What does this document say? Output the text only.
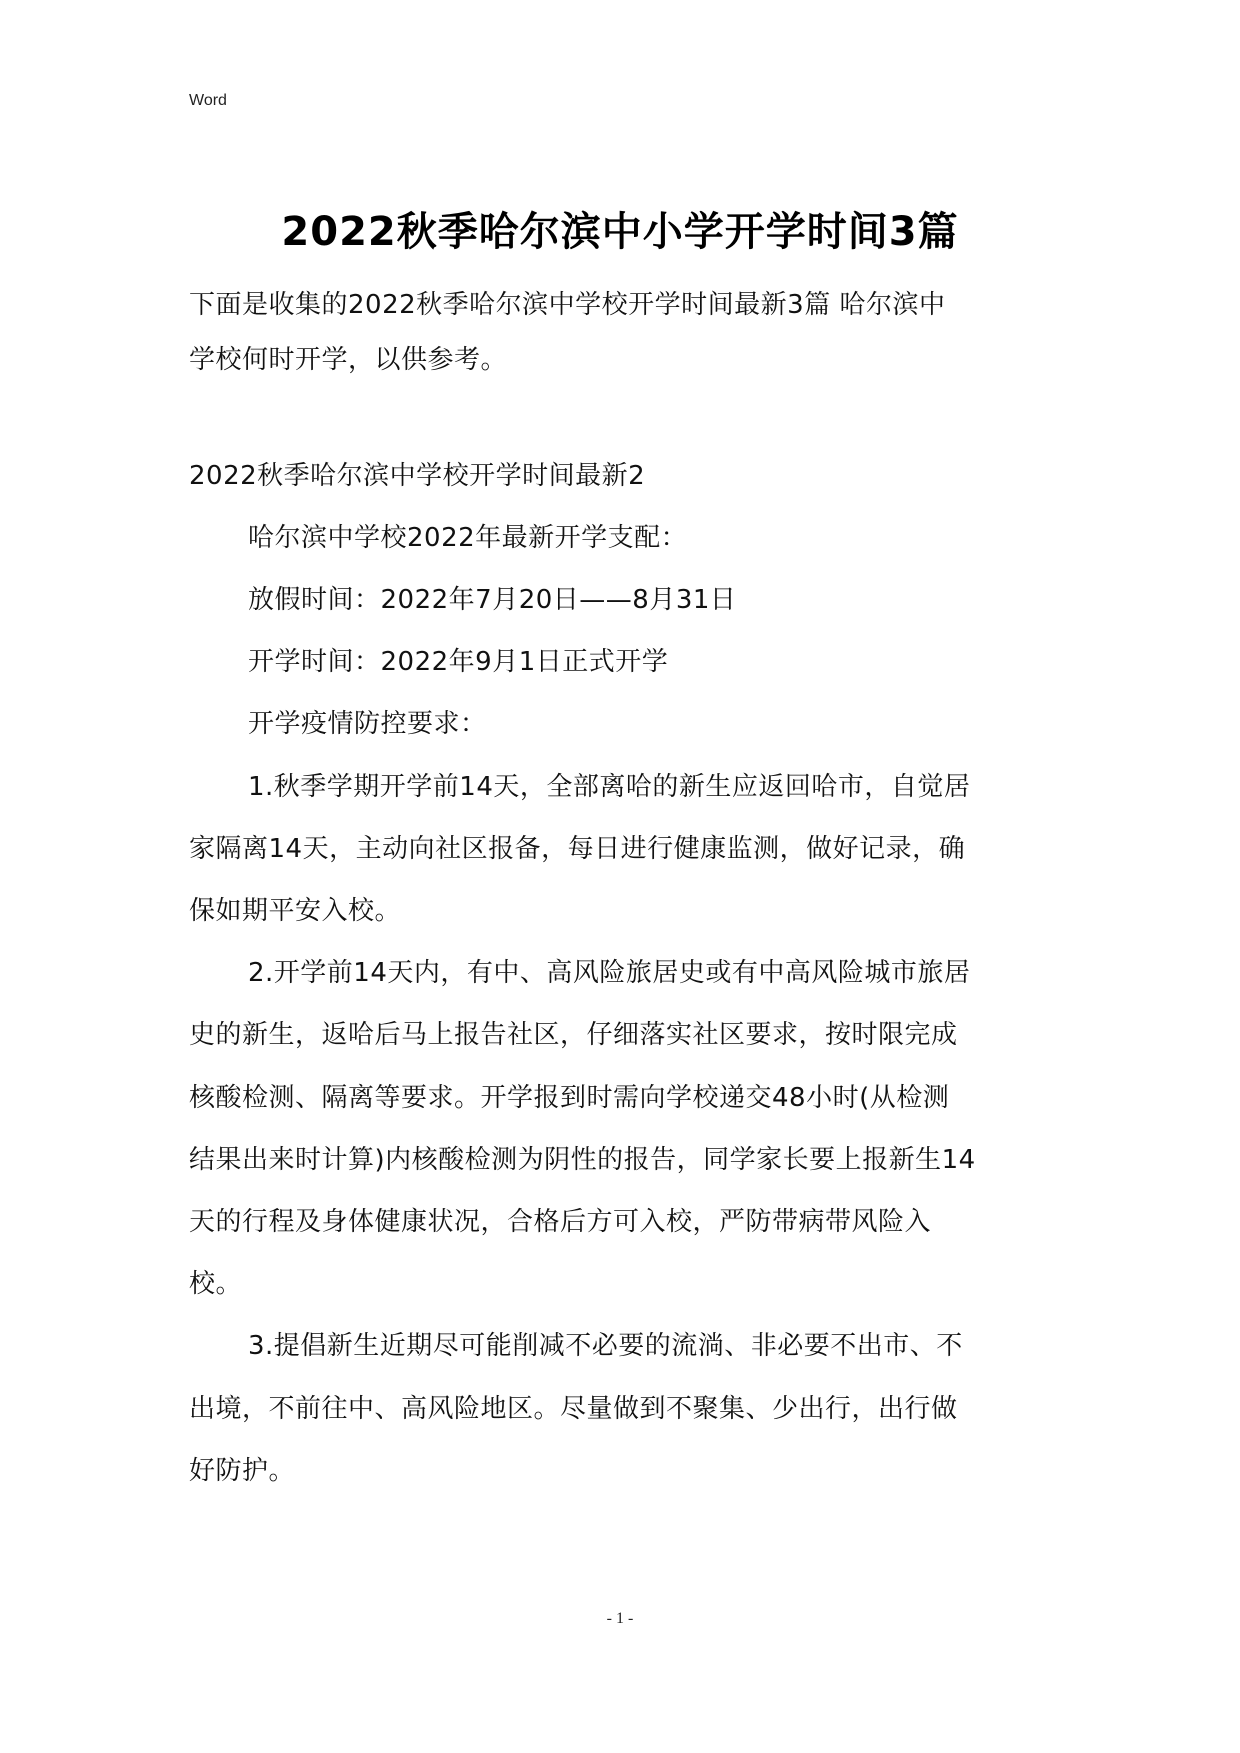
Word
2022秋季哈尔滨中小学开学时间3篇
下面是收集的2022秋季哈尔滨中学校开学时间最新3篇 哈尔滨中
学校何时开学，以供参考。
2022秋季哈尔滨中学校开学时间最新2
哈尔滨中学校2022年最新开学支配：
放假时间：2022年7月20日——8月31日
开学时间：2022年9月1日正式开学
开学疫情防控要求：
1.秋季学期开学前14天，全部离哈的新生应返回哈市，自觉居
家隔离14天，主动向社区报备，每日进行健康监测，做好记录，确
保如期平安入校。
2.开学前14天内，有中、高风险旅居史或有中高风险城市旅居
史的新生，返哈后马上报告社区，仔细落实社区要求，按时限完成
核酸检测、隔离等要求。开学报到时需向学校递交48小时(从检测
结果出来时计算)内核酸检测为阴性的报告，同学家长要上报新生14
天的行程及身体健康状况，合格后方可入校，严防带病带风险入
校。
3.提倡新生近期尽可能削减不必要的流淌、非必要不出市、不
出境，不前往中、高风险地区。尽量做到不聚集、少出行，出行做
好防护。
- 1 -
